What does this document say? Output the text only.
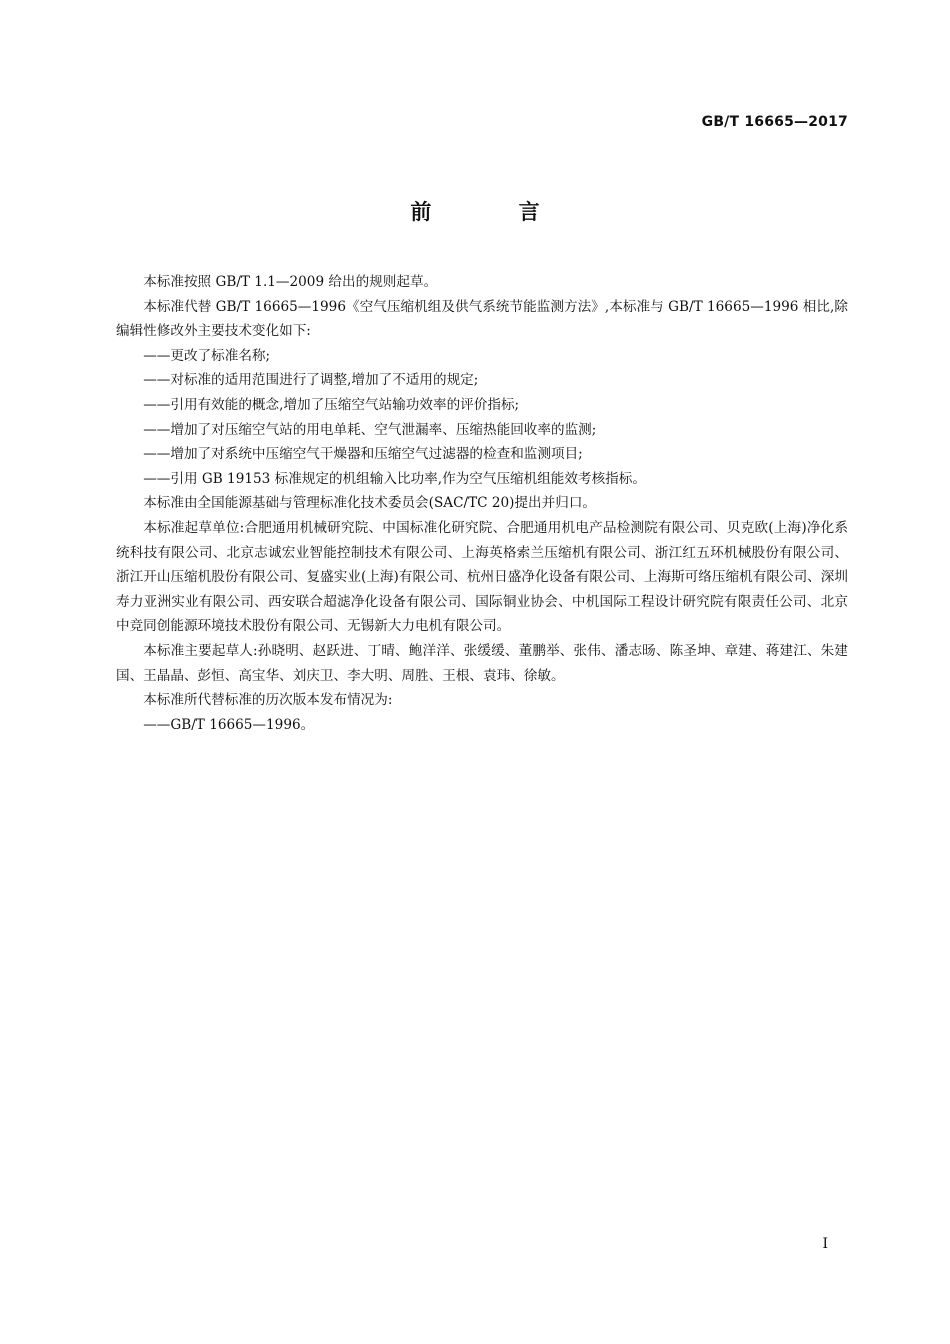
GB/T 16665—2017
前 言

本标准按照 GB/T 1.1—2009 给出的规则起草。

本标准代替 GB/T 16665—1996《空气压缩机组及供气系统节能监测方法》,本标准与 GB/T 16665—1996 相比,除编辑性修改外主要技术变化如下:

——更改了标准名称;

——对标准的适用范围进行了调整,增加了不适用的规定;

——引用有效能的概念,增加了压缩空气站输功效率的评价指标;

——增加了对压缩空气站的用电单耗、空气泄漏率、压缩热能回收率的监测;

——增加了对系统中压缩空气干燥器和压缩空气过滤器的检查和监测项目;

——引用 GB 19153 标准规定的机组输入比功率,作为空气压缩机组能效考核指标。

本标准由全国能源基础与管理标准化技术委员会(SAC/TC 20)提出并归口。

本标准起草单位:合肥通用机械研究院、中国标准化研究院、合肥通用机电产品检测院有限公司、贝克欧(上海)净化系统科技有限公司、北京志诚宏业智能控制技术有限公司、上海英格索兰压缩机有限公司、浙江红五环机械股份有限公司、浙江开山压缩机股份有限公司、复盛实业(上海)有限公司、杭州日盛净化设备有限公司、上海斯可络压缩机有限公司、深圳寿力亚洲实业有限公司、西安联合超滤净化设备有限公司、国际铜业协会、中机国际工程设计研究院有限责任公司、北京中竞同创能源环境技术股份有限公司、无锡新大力电机有限公司。

本标准主要起草人:孙晓明、赵跃进、丁晴、鲍洋洋、张缓缓、董鹏举、张伟、潘志旸、陈圣坤、章建、蒋建江、朱建国、王晶晶、彭恒、高宝华、刘庆卫、李大明、周胜、王根、袁玮、徐敏。

本标准所代替标准的历次版本发布情况为:

——GB/T 16665—1996。

I
